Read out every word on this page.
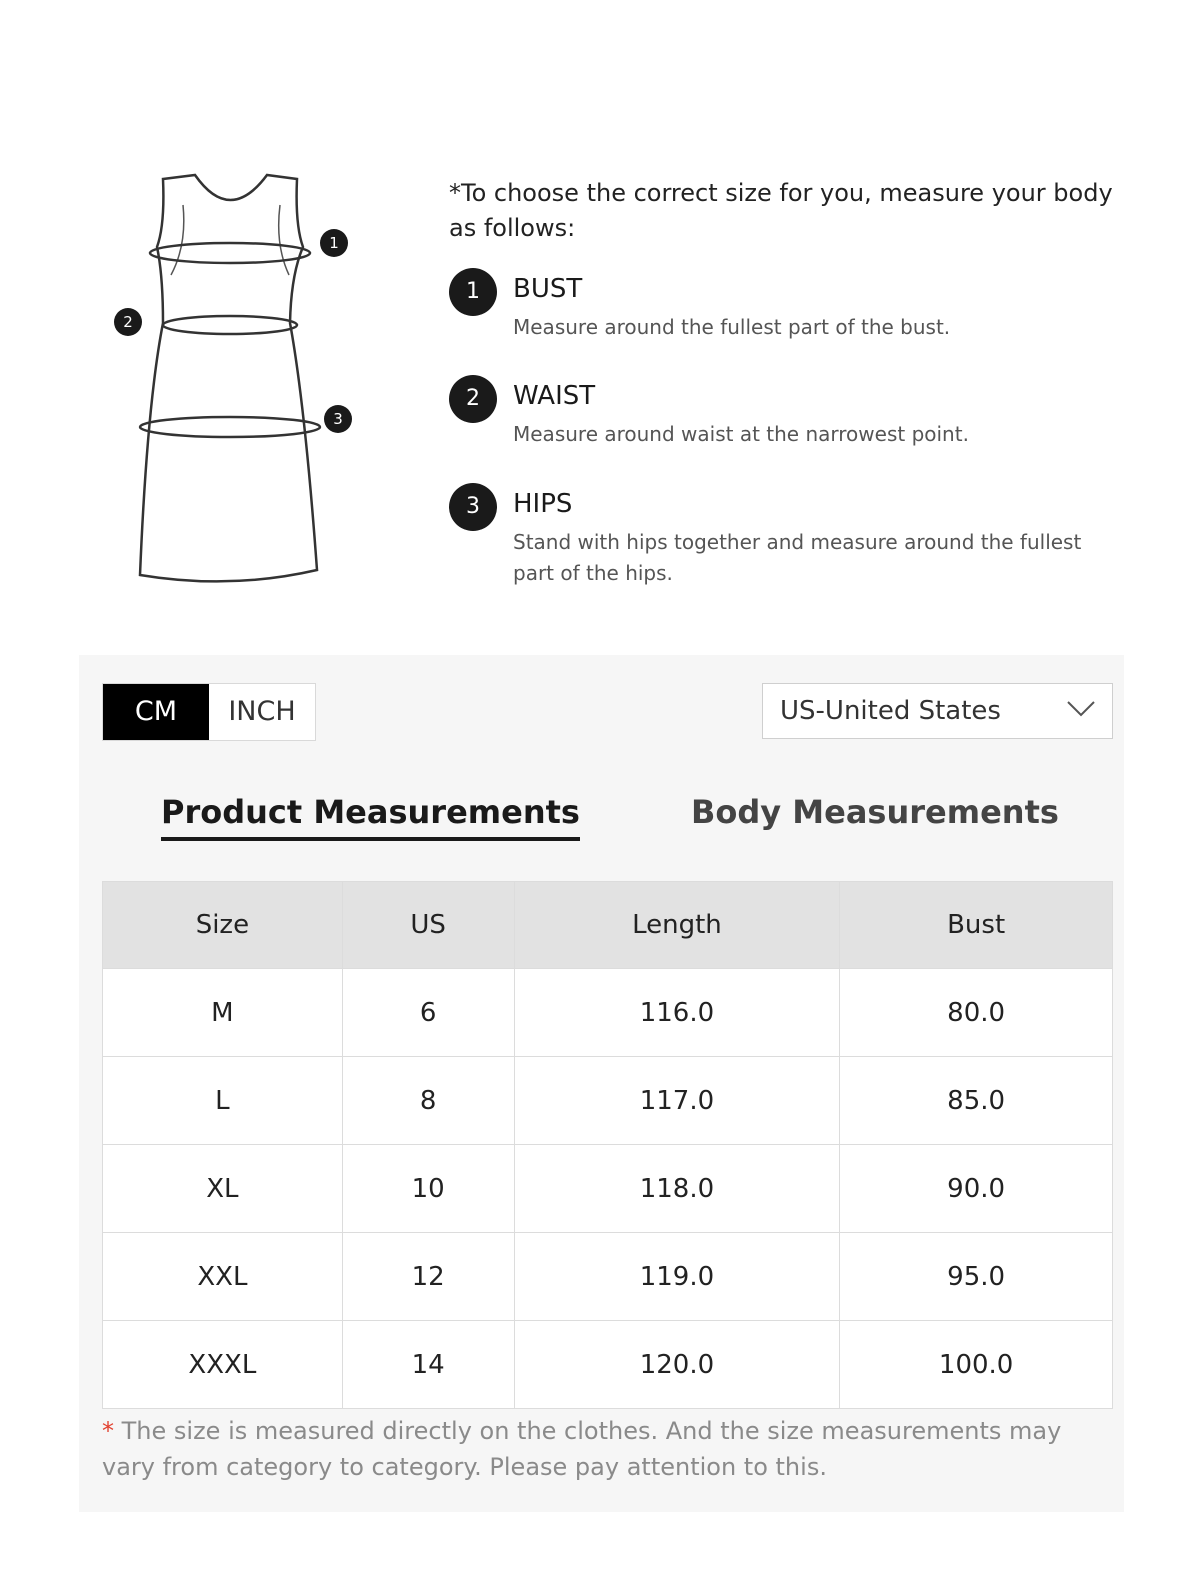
1
2
3
*To choose the correct size for you, measure your body as follows:
1	BUST
Measure around the fullest part of the bust.
2	WAIST
Measure around waist at the narrowest point.
3	HIPS
Stand with hips together and measure around the fullest part of the hips.
CM	INCH	US-United States
Product Measurements	Body Measurements
Size	US	Length	Bust
M	6	116.0	80.0
L	8	117.0	85.0
XL	10	118.0	90.0
XXL	12	119.0	95.0
XXXL	14	120.0	100.0
* The size is measured directly on the clothes. And the size measurements may vary from category to category. Please pay attention to this.
